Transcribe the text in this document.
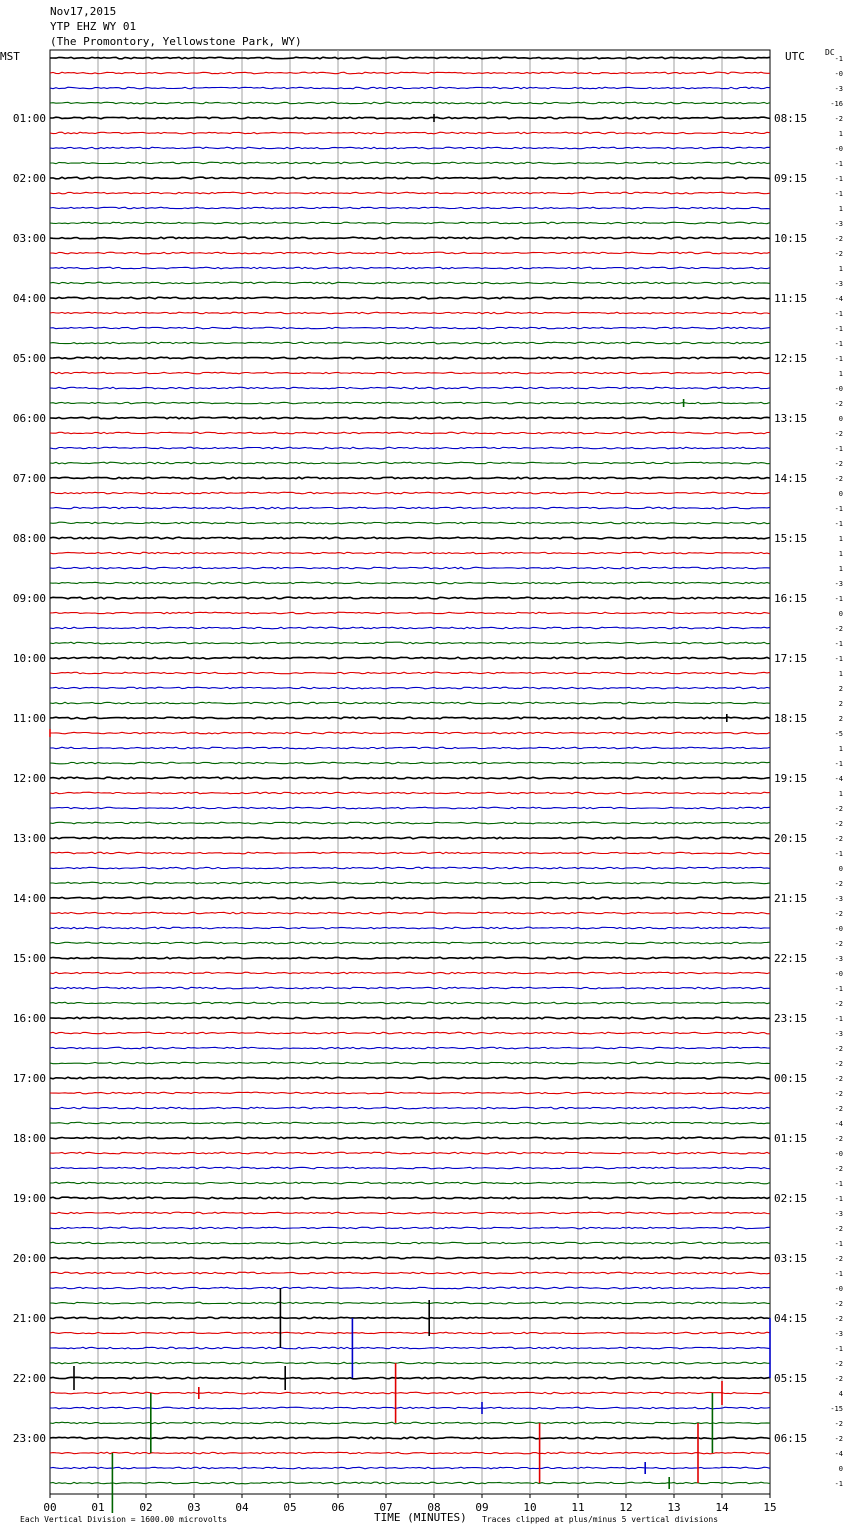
Nov17,2015
YTP EHZ WY 01
(The Promontory, Yellowstone Park, WY)
MST	UTC	DC
01:00
02:00
03:00
04:00
05:00
06:00
07:00
08:00
09:00
10:00
11:00
12:00
13:00
14:00
15:00
16:00
17:00
18:00
19:00
20:00
21:00
22:00
23:00
08:15
09:15
10:15
11:15
12:15
13:15
14:15
15:15
16:15
17:15
18:15
19:15
20:15
21:15
22:15
23:15
00:15
01:15
02:15
03:15
04:15
05:15
06:15
-1
-0
-3
-16
-2
1
-0
-1
-1
-1
1
-3
-2
-2
1
-3
-4
-1
-1
-1
-1
1
-0
-2
0
-2
-1
-2
-2
0
-1
-1
1
1
1
-3
-1
0
-2
-1
-1
1
2
2
2
-5
1
-1
-4
1
-2
-2
-2
-1
0
-2
-3
-2
-0
-2
-3
-0
-1
-2
-1
-3
-2
-2
-2
-2
-2
-4
-2
-0
-2
-1
-1
-3
-2
-1
-2
-1
-0
-2
-2
-3
-1
-2
-2
4
-15
-2
-2
-4
0
-1
00	01	02	03	04	05	06	07	08	09	10	11	12	13	14	15
Each Vertical Division = 1600.00 microvolts	TIME (MINUTES) Traces clipped at plus/minus 5 vertical divisions
